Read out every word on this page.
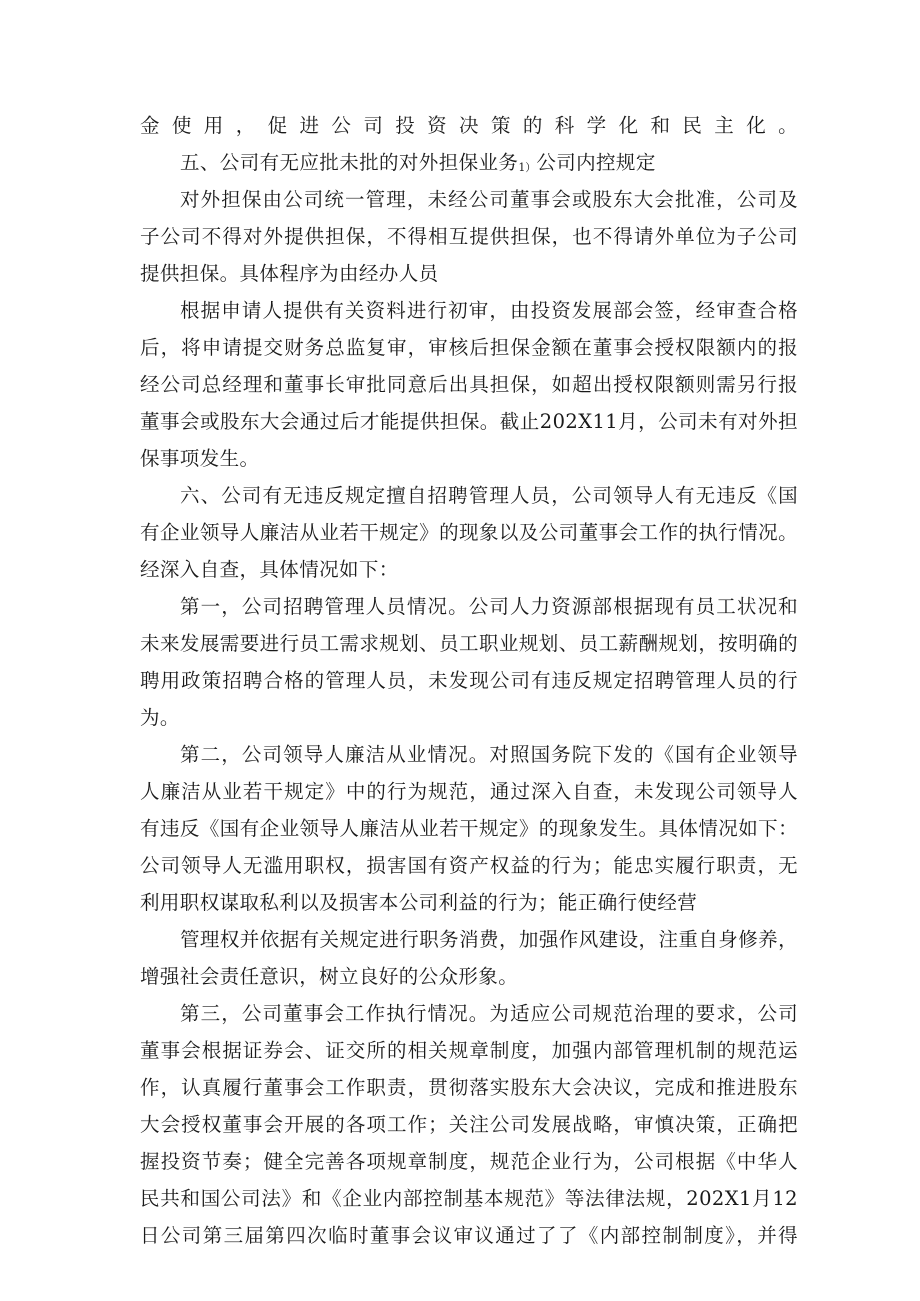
金使用，促进公司投资决策的科学化和民主化。
五、公司有无应批未批的对外担保业务1）公司内控规定
对外担保由公司统一管理，未经公司董事会或股东大会批准，公司及
子公司不得对外提供担保，不得相互提供担保，也不得请外单位为子公司
提供担保。具体程序为由经办人员
根据申请人提供有关资料进行初审，由投资发展部会签，经审查合格
后，将申请提交财务总监复审，审核后担保金额在董事会授权限额内的报
经公司总经理和董事长审批同意后出具担保，如超出授权限额则需另行报
董事会或股东大会通过后才能提供担保。截止202X11月，公司未有对外担
保事项发生。
六、公司有无违反规定擅自招聘管理人员，公司领导人有无违反《国
有企业领导人廉洁从业若干规定》的现象以及公司董事会工作的执行情况。
经深入自查，具体情况如下：
第一，公司招聘管理人员情况。公司人力资源部根据现有员工状况和
未来发展需要进行员工需求规划、员工职业规划、员工薪酬规划，按明确的
聘用政策招聘合格的管理人员，未发现公司有违反规定招聘管理人员的行
为。
第二，公司领导人廉洁从业情况。对照国务院下发的《国有企业领导
人廉洁从业若干规定》中的行为规范，通过深入自查，未发现公司领导人
有违反《国有企业领导人廉洁从业若干规定》的现象发生。具体情况如下：
公司领导人无滥用职权，损害国有资产权益的行为；能忠实履行职责，无
利用职权谋取私利以及损害本公司利益的行为；能正确行使经营
管理权并依据有关规定进行职务消费，加强作风建设，注重自身修养，
增强社会责任意识，树立良好的公众形象。
第三，公司董事会工作执行情况。为适应公司规范治理的要求，公司
董事会根据证券会、证交所的相关规章制度，加强内部管理机制的规范运
作，认真履行董事会工作职责，贯彻落实股东大会决议，完成和推进股东
大会授权董事会开展的各项工作；关注公司发展战略，审慎决策，正确把
握投资节奏；健全完善各项规章制度，规范企业行为，公司根据《中华人
民共和国公司法》和《企业内部控制基本规范》等法律法规，202X1月12
日公司第三届第四次临时董事会议审议通过了了《内部控制制度》，并得
